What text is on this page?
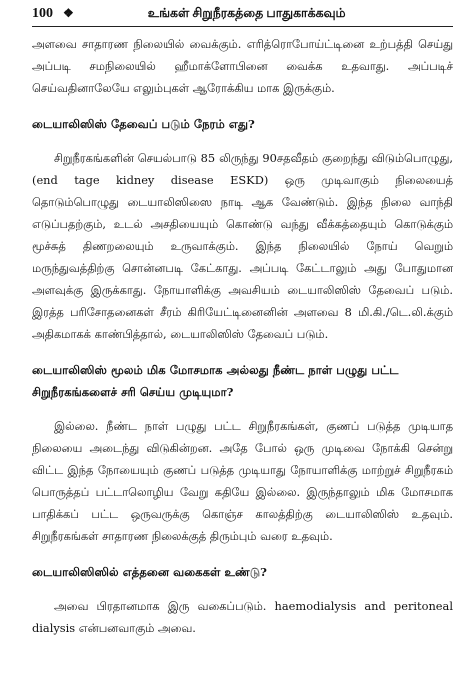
100 ❖	உங்கள் சிறுநீரகத்தை பாதுகாக்கவும்

அளவை சாதாரண நிலையில் வைக்கும். எரித்ரொபோய்ட்டினை உற்பத்தி செய்து அப்படி சமநிலையில் ஹீமாக்ளோபினை வைக்க உதவாது. அப்படிச் செய்வதினாலேயே எலும்புகள் ஆரோக்கிய மாக இருக்கும்.

டையாலிஸிஸ் தேவைப் படும் நேரம் எது?

சிறுநீரகங்களின் செயல்பாடு 85 லிருந்து 90சதவீதம் குறைந்து விடும்பொழுது, (end tage kidney disease ESKD) ஒரு முடிவாகும் நிலையைத் தொடும்பொழுது டையாலிஸிஸை நாடி ஆக வேண்டும். இந்த நிலை வாந்தி எடுப்பதற்கும், உடல் அசதியையும் கொண்டு வந்து வீக்கத்தையும் கொடுக்கும் மூச்சுத் திணறலையும் உருவாக்கும். இந்த நிலையில் நோய் வெறும் மருந்துவத்திற்கு சொன்னபடி கேட்காது. அப்படி கேட்டாலும் அது போதுமான அளவுக்கு இருக்காது. நோயாளிக்கு அவசியம் டையாலிஸிஸ் தேவைப் படும். இரத்த பரிசோதனைகள் சீரம் கிரியேட்டினைனின் அளவை 8 மி.கி./டெ.லி.க்கும் அதிகமாகக் காண்பித்தால், டையாலிஸிஸ் தேவைப் படும்.

டையாலிஸிஸ் மூலம் மிக மோசமாக அல்லது நீண்ட நாள் பழுது பட்ட சிறுநீரகங்களைச் சரி செய்ய முடியுமா?

இல்லை. நீண்ட நாள் பழுது பட்ட சிறுநீரகங்கள், குணப் படுத்த முடியாத நிலையை அடைந்து விடுகின்றன. அதே போல் ஒரு முடிவை நோக்கி சென்று விட்ட இந்த நோயையும் குணப் படுத்த முடியாது நோயாளிக்கு மாற்றுச் சிறுநீரகம் பொருத்தப் பட்டாலொழிய வேறு கதியே இல்லை. இருந்தாலும் மிக மோசமாக பாதிக்கப் பட்ட ஒருவருக்கு கொஞ்ச காலத்திற்கு டையாலிஸிஸ் உதவும். சிறுநீரகங்கள் சாதாரண நிலைக்குத் திரும்பும் வரை உதவும்.

டையாலிஸிஸில் எத்தனை வகைகள் உண்டு?

அவை பிரதானமாக இரு வகைப்படும். haemodialysis and peritoneal dialysis என்பனவாகும் அவை.
